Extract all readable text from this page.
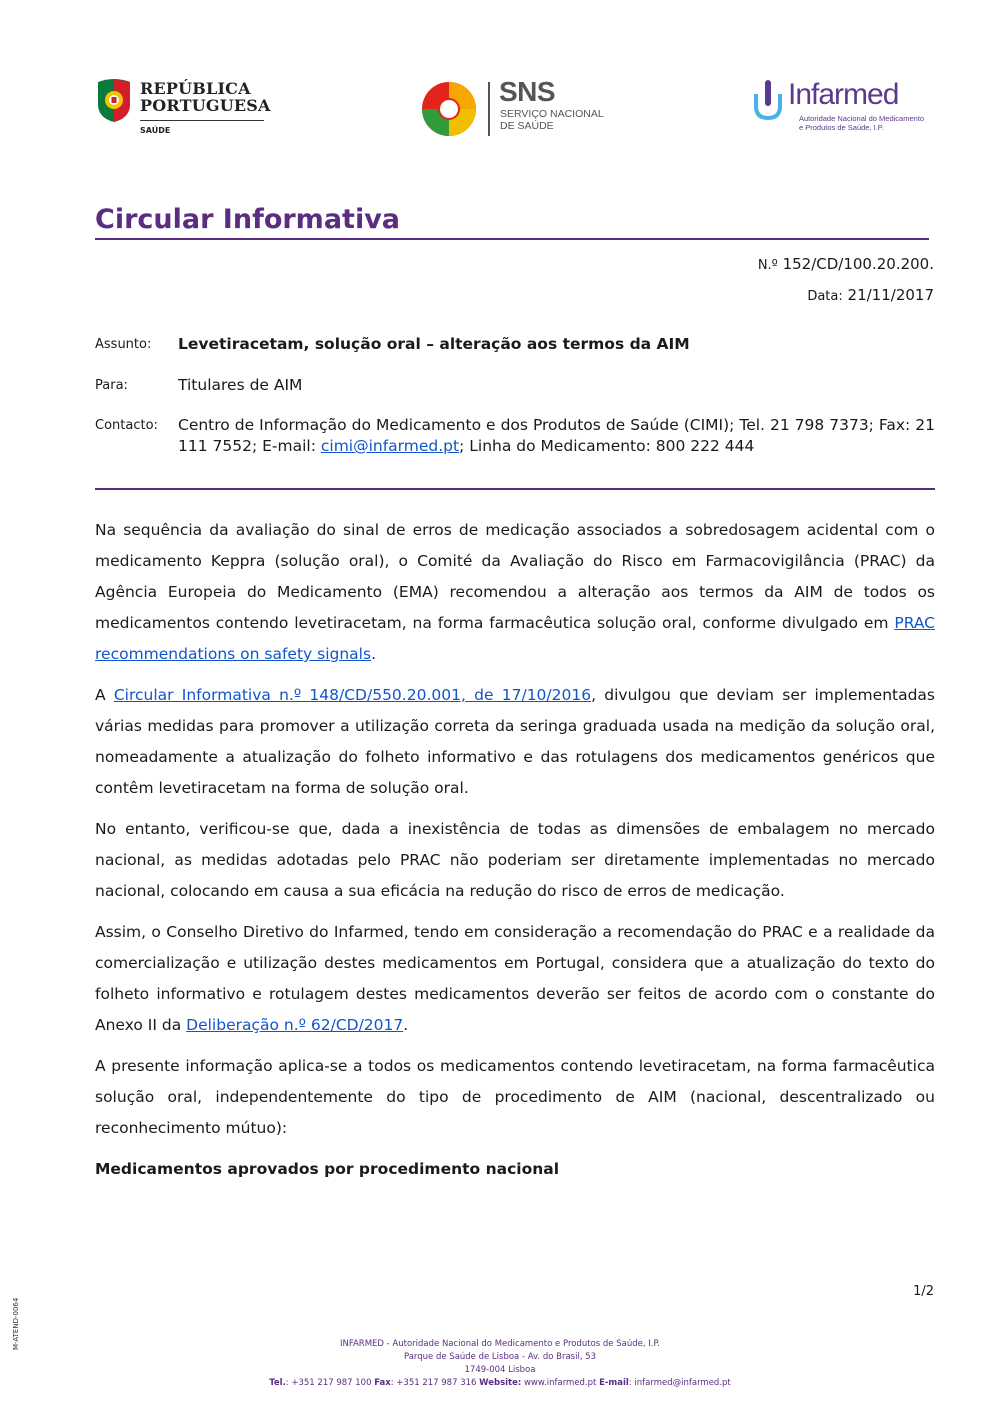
REPÚBLICA
PORTUGUESA
SAÚDE
SNS
SERVIÇO NACIONAL
DE SAÚDE
Infarmed
Autoridade Nacional do Medicamento
e Produtos de Saúde, I.P.
Circular Informativa
N.º 152/CD/100.20.200.
Data: 21/11/2017
Assunto: Levetiracetam, solução oral – alteração aos termos da AIM
Para:	Titulares de AIM
Contacto: Centro de Informação do Medicamento e dos Produtos de Saúde (CIMI); Tel. 21 798 7373; Fax: 21 111 7552; E-mail: cimi@infarmed.pt; Linha do Medicamento: 800 222 444

Na sequência da avaliação do sinal de erros de medicação associados a sobredosagem acidental com o medicamento Keppra (solução oral), o Comité da Avaliação do Risco em Farmacovigilância (PRAC) da Agência Europeia do Medicamento (EMA) recomendou a alteração aos termos da AIM de todos os medicamentos contendo levetiracetam, na forma farmacêutica solução oral, conforme divulgado em PRAC recommendations on safety signals.

A Circular Informativa n.º 148/CD/550.20.001, de 17/10/2016, divulgou que deviam ser implementadas várias medidas para promover a utilização correta da seringa graduada usada na medição da solução oral, nomeadamente a atualização do folheto informativo e das rotulagens dos medicamentos genéricos que contêm levetiracetam na forma de solução oral.

No entanto, verificou-se que, dada a inexistência de todas as dimensões de embalagem no mercado nacional, as medidas adotadas pelo PRAC não poderiam ser diretamente implementadas no mercado nacional, colocando em causa a sua eficácia na redução do risco de erros de medicação.

Assim, o Conselho Diretivo do Infarmed, tendo em consideração a recomendação do PRAC e a realidade da comercialização e utilização destes medicamentos em Portugal, considera que a atualização do texto do folheto informativo e rotulagem destes medicamentos deverão ser feitos de acordo com o constante do Anexo II da Deliberação n.º 62/CD/2017.

A presente informação aplica-se a todos os medicamentos contendo levetiracetam, na forma farmacêutica solução oral, independentemente do tipo de procedimento de AIM (nacional, descentralizado ou reconhecimento mútuo):

Medicamentos aprovados por procedimento nacional

1/2
M-ATEND-0064	INFARMED - Autoridade Nacional do Medicamento e Produtos de Saúde, I.P.
Parque de Saúde de Lisboa - Av. do Brasil, 53
1749-004 Lisboa
Tel.: +351 217 987 100 Fax: +351 217 987 316 Website: www.infarmed.pt E-mail: infarmed@infarmed.pt
